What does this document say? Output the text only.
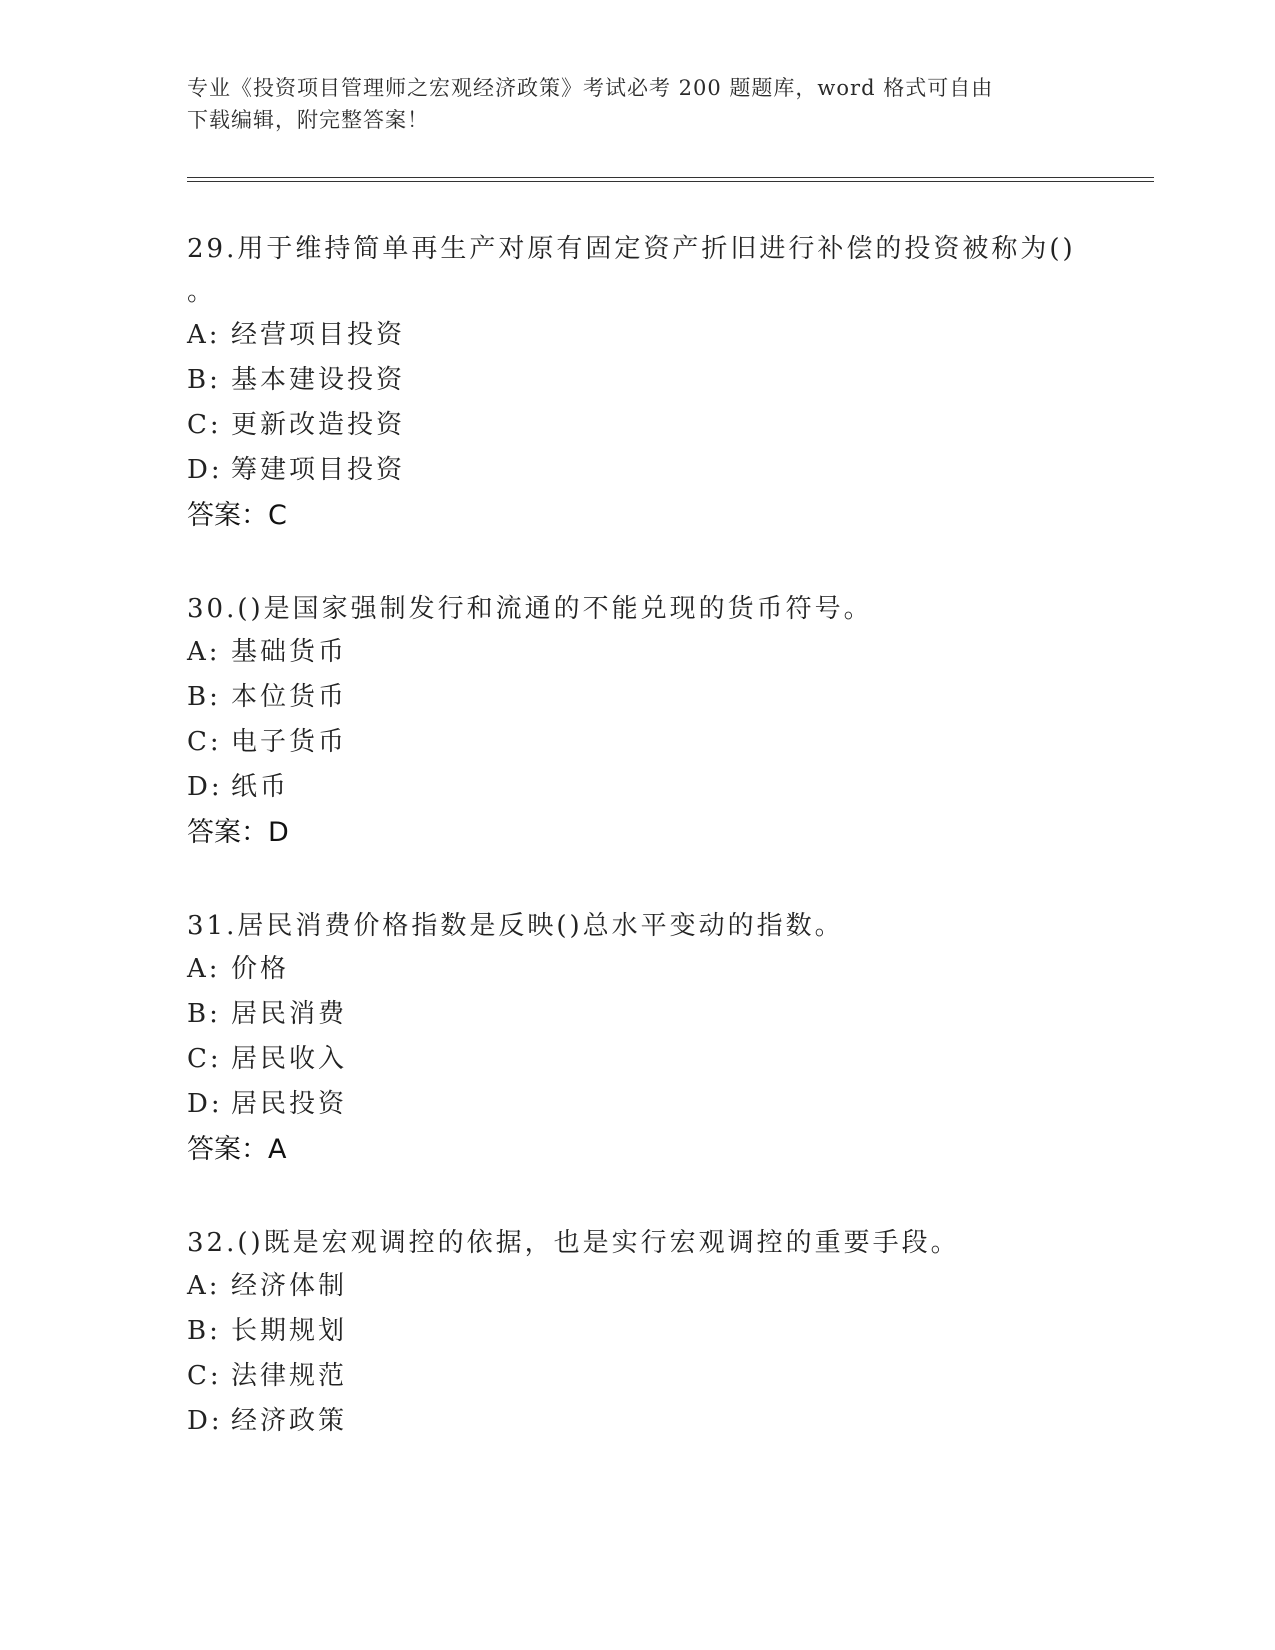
专业《投资项目管理师之宏观经济政策》考试必考 200 题题库，word 格式可自由
下载编辑，附完整答案！
29.用于维持简单再生产对原有固定资产折旧进行补偿的投资被称为()
。
A: 经营项目投资
B: 基本建设投资
C: 更新改造投资
D: 筹建项目投资
答案：C
30.()是国家强制发行和流通的不能兑现的货币符号。
A: 基础货币
B: 本位货币
C: 电子货币
D: 纸币
答案：D
31.居民消费价格指数是反映()总水平变动的指数。
A: 价格
B: 居民消费
C: 居民收入
D: 居民投资
答案：A
32.()既是宏观调控的依据，也是实行宏观调控的重要手段。
A: 经济体制
B: 长期规划
C: 法律规范
D: 经济政策
